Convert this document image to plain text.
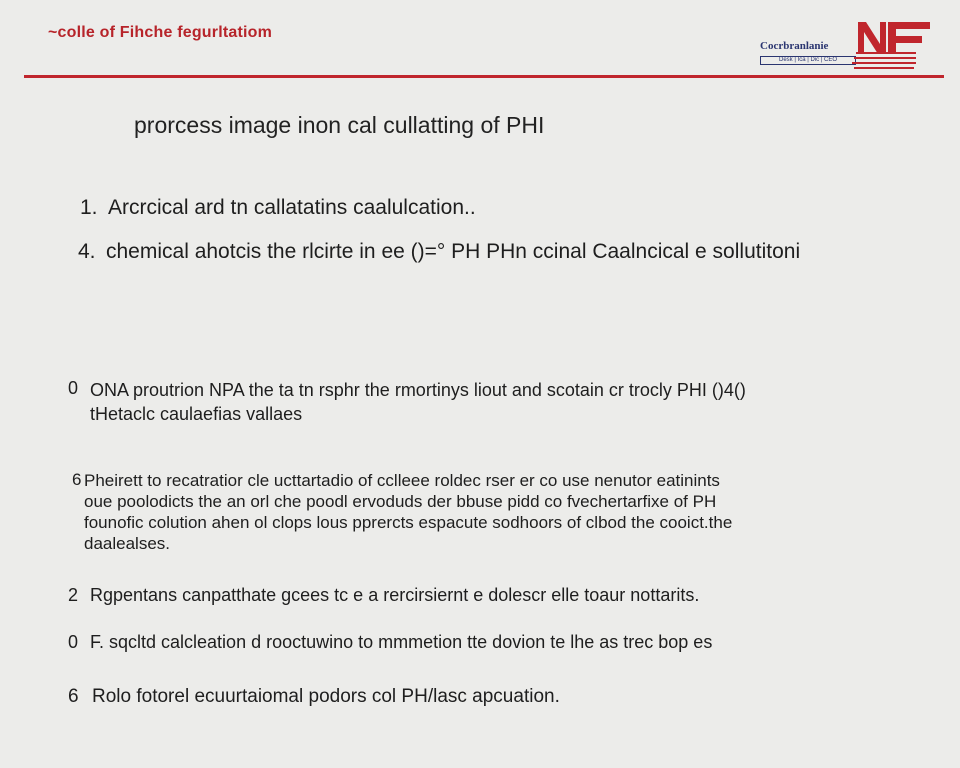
~colle of Fihche fegurltatiom
Cocrbranlanie
Desk | Ica | Dic | CEO
prorcess image inon cal cullatting of PHI
1. Arcrcical ard tn callatatins caalulcation..
4. chemical ahotcis the rlcirte in ee ()=° PH PHn ccinal Caalncical e sollutitoni
0 ONA proutrion NPA the ta tn rsphr the rmortinys liout and scotain cr trocly PHI ()4()
tHetaclc caulaefias vallaes
6 Pheirett to recatratior cle ucttartadio of cclleee roldec rser er co use nenutor eatinints
oue poolodicts the an orl che poodl ervoduds der bbuse pidd co fvechertarfixe of PH
founofic colution ahen ol clops lous pprercts espacute sodhoors of clbod the cooict.the
daalealses.
2 Rgpentans canpatthate gcees tc e a rercirsiernt e dolescr elle toaur nottarits.
0 F. sqcltd calcleation d rooctuwino to mmmetion tte dovion te lhe as trec bop es
6 Rolo fotorel ecuurtaiomal podors col PH/lasc apcuation.
